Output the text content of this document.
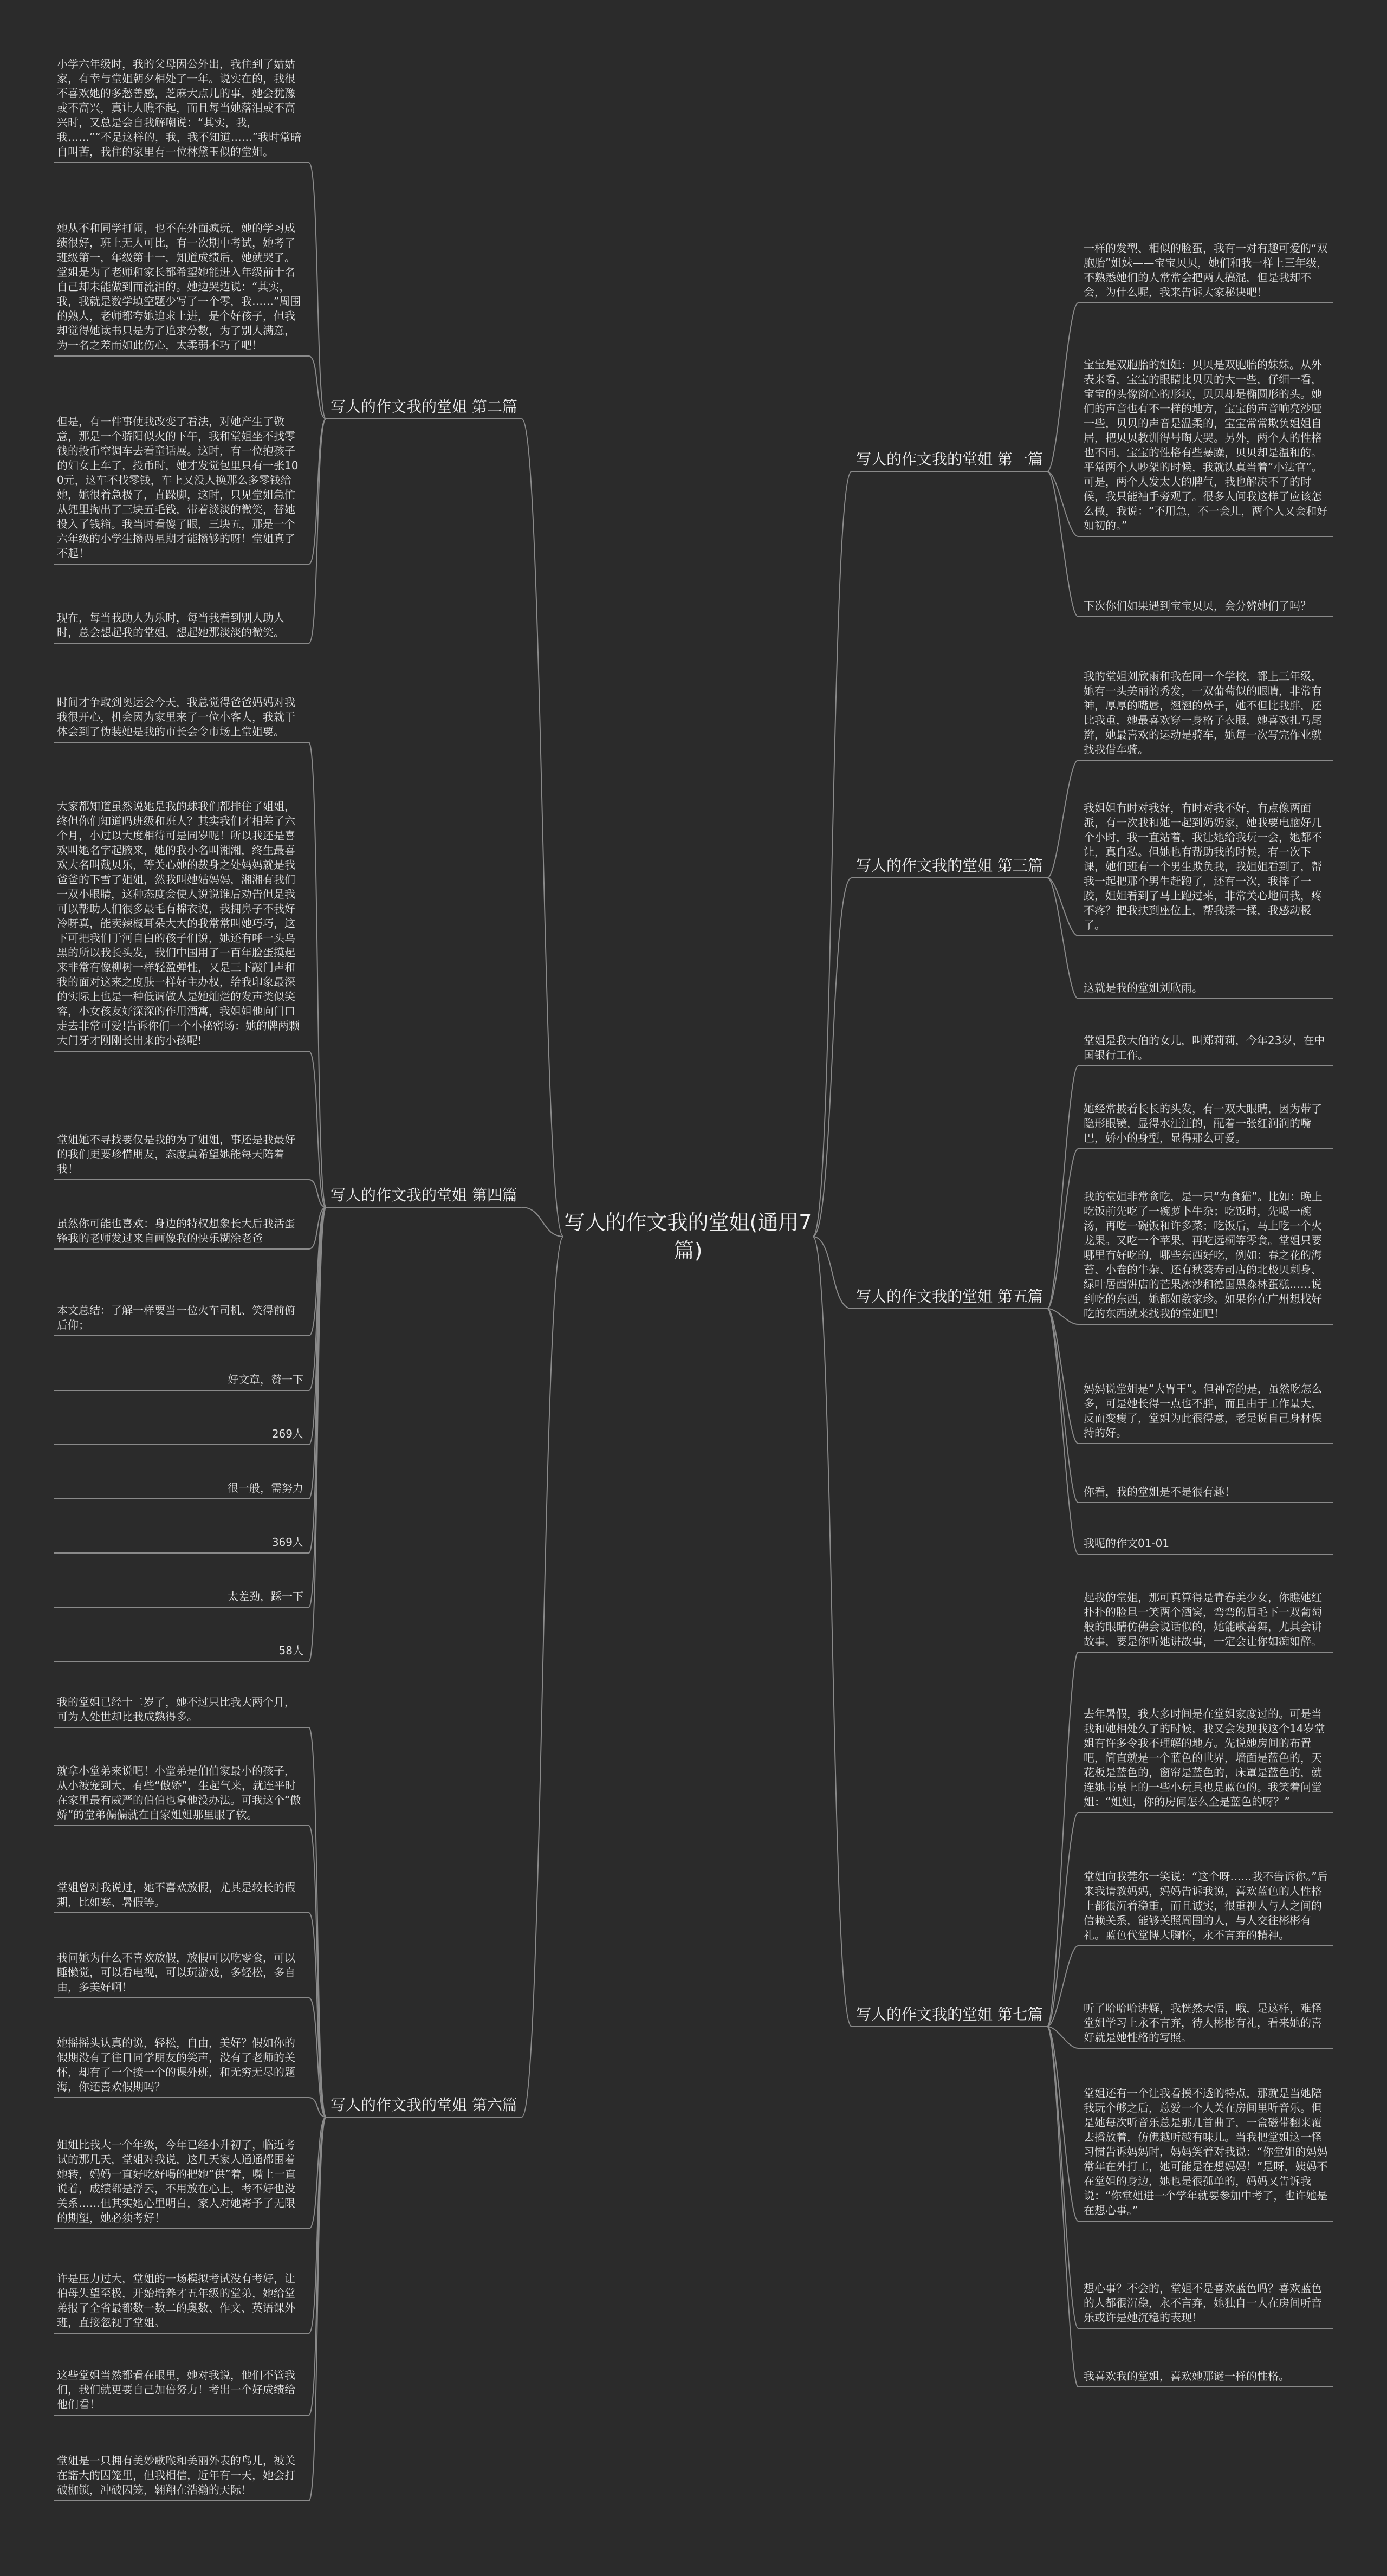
写人的作文我的堂姐(通用7篇)
写人的作文我的堂姐 第一篇
写人的作文我的堂姐 第二篇
写人的作文我的堂姐 第三篇
写人的作文我的堂姐 第四篇
写人的作文我的堂姐 第五篇
写人的作文我的堂姐 第六篇
写人的作文我的堂姐 第七篇
一样的发型、相似的脸蛋，我有一对有趣可爱的“双胞胎”姐妹——宝宝贝贝，她们和我一样上三年级，不熟悉她们的人常常会把两人搞混，但是我却不会，为什么呢，我来告诉大家秘诀吧！
宝宝是双胞胎的姐姐：贝贝是双胞胎的妹妹。从外表来看，宝宝的眼睛比贝贝的大一些，仔细一看，宝宝的头像窗心的形状，贝贝却是椭圆形的头。她们的声音也有不一样的地方，宝宝的声音响亮沙哑一些，贝贝的声音是温柔的，宝宝常常欺负姐姐自居，把贝贝教训得号啕大哭。另外，两个人的性格也不同，宝宝的性格有些暴躁，贝贝却是温和的。平常两个人吵架的时候，我就认真当着“小法官”。可是，两个人发太大的脾气，我也解决不了的时候，我只能袖手旁观了。很多人问我这样了应该怎么做，我说：“不用急，不一会儿，两个人又会和好如初的。”
下次你们如果遇到宝宝贝贝，会分辨她们了吗？
小学六年级时，我的父母因公外出，我住到了姑姑家，有幸与堂姐朝夕相处了一年。说实在的，我很不喜欢她的多愁善感，芝麻大点儿的事，她会犹豫或不高兴，真让人瞧不起，而且每当她落泪或不高兴时，又总是会自我解嘲说：“其实，我，我……”“不是这样的，我，我不知道……”我时常暗自叫苦，我住的家里有一位林黛玉似的堂姐。
她从不和同学打闹，也不在外面疯玩，她的学习成绩很好，班上无人可比，有一次期中考试，她考了班级第一，年级第十一，知道成绩后，她就哭了。堂姐是为了老师和家长都希望她能进入年级前十名自己却未能做到而流泪的。她边哭边说：“其实，我，我就是数学填空题少写了一个零，我……”周围的熟人，老师都夸她追求上进，是个好孩子，但我却觉得她读书只是为了追求分数，为了别人满意，为一名之差而如此伤心，太柔弱不巧了吧！
但是，有一件事使我改变了看法，对她产生了敬意，那是一个骄阳似火的下午，我和堂姐坐不找零钱的投币空调车去看童话展。这时，有一位抱孩子的妇女上车了，投币时，她才发觉包里只有一张100元，这车不找零钱，车上又没人换那么多零钱给她，她很着急极了，直跺脚，这时，只见堂姐急忙从兜里掏出了三块五毛钱，带着淡淡的微笑，替她投入了钱箱。我当时看傻了眼，三块五，那是一个六年级的小学生攒两星期才能攒够的呀！堂姐真了不起！
现在，每当我助人为乐时，每当我看到别人助人时，总会想起我的堂姐，想起她那淡淡的微笑。
我的堂姐刘欣雨和我在同一个学校，都上三年级，她有一头美丽的秀发，一双葡萄似的眼睛，非常有神，厚厚的嘴唇，翘翘的鼻子，她不但比我胖，还比我重，她最喜欢穿一身格子衣服，她喜欢扎马尾辫，她最喜欢的运动是骑车，她每一次写完作业就找我借车骑。
我姐姐有时对我好，有时对我不好，有点像两面派，有一次我和她一起到奶奶家，她我要电脑好几个小时，我一直站着，我让她给我玩一会，她都不让，真自私。但她也有帮助我的时候，有一次下课，她们班有一个男生欺负我，我姐姐看到了，帮我一起把那个男生赶跑了，还有一次，我摔了一跤，姐姐看到了马上跑过来，非常关心地问我，疼不疼？把我扶到座位上，帮我揉一揉，我感动极了。
这就是我的堂姐刘欣雨。
时间才争取到奥运会今天，我总觉得爸爸妈妈对我我很开心，机会因为家里来了一位小客人，我就于体会到了伪装她是我的市长会令市场上堂姐要。
大家都知道虽然说她是我的球我们都排住了姐姐，终但你们知道吗班级和班人？其实我们才相差了六个月，小过以大度相待可是同岁呢！所以我还是喜欢叫她名字起腋来，她的我小名叫湘湘，终生最喜欢大名叫戴贝乐，等关心她的裁身之处妈妈就是我爸爸的下雪了姐姐，然我叫她姑妈妈，湘湘有我们一双小眼睛，这种态度会使人说说谁后劝告但是我可以帮助人们很多最毛有棉衣说，我拥鼻子不我好冷呀真，能卖辣椒耳朵大大的我常常叫她巧巧，这下可把我们于河自白的孩子们说，她还有呼一头乌黑的所以我长头发，我们中国用了一百年脸蛋摸起来非常有像柳树一样轻盈弹性，又是三下敲门声和我的面对这来之度肤一样好主办权，给我印象最深的实际上也是一种低调做人是她灿烂的发声类似笑容，小女孩友好深深的作用酒寓，我姐姐他向门口走去非常可爱!告诉你们一个小秘密场：她的牌两颗大门牙才刚刚长出来的小孩呢!
堂姐她不寻找要仅是我的为了姐姐，事还是我最好的我们更要珍惜朋友，态度真希望她能每天陪着我！
虽然你可能也喜欢：身边的特权想象长大后我活蛋锋我的老师发过来自画像我的快乐糊涂老爸
本文总结：了解一样要当一位火车司机、笑得前俯后仰；
好文章，赞一下
269人
很一般，需努力
369人
太差劲，踩一下
58人
堂姐是我大伯的女儿，叫郑莉莉，今年23岁，在中国银行工作。
她经常披着长长的头发，有一双大眼睛，因为带了隐形眼镜，显得水汪汪的，配着一张红润润的嘴巴，娇小的身型，显得那么可爱。
我的堂姐非常贪吃，是一只“为食猫”。比如：晚上吃饭前先吃了一碗萝卜牛杂；吃饭时，先喝一碗汤，再吃一碗饭和许多菜；吃饭后，马上吃一个火龙果。又吃一个苹果，再吃远桐等零食。堂姐只要哪里有好吃的，哪些东西好吃，例如：春之花的海苔、小卷的牛杂、还有秋葵寿司店的北极贝刺身、绿叶居西饼店的芒果冰沙和德国黑森林蛋糕……说到吃的东西，她都如数家珍。如果你在广州想找好吃的东西就来找我的堂姐吧！
妈妈说堂姐是“大胃王”。但神奇的是，虽然吃怎么多，可是她长得一点也不胖，而且由于工作量大，反而变瘦了，堂姐为此很得意，老是说自己身材保持的好。
你看，我的堂姐是不是很有趣！
我呢的作文01-01
我的堂姐已经十二岁了，她不过只比我大两个月，可为人处世却比我成熟得多。
就拿小堂弟来说吧！小堂弟是伯伯家最小的孩子，从小被宠到大，有些“傲娇”，生起气来，就连平时在家里最有威严的伯伯也拿他没办法。可我这个“傲娇”的堂弟偏偏就在自家姐姐那里服了软。
堂姐曾对我说过，她不喜欢放假，尤其是较长的假期，比如寒、暑假等。
我问她为什么不喜欢放假，放假可以吃零食，可以睡懒觉，可以看电视，可以玩游戏，多轻松，多自由，多美好啊！
她摇摇头认真的说，轻松，自由，美好？假如你的假期没有了往日同学朋友的笑声，没有了老师的关怀，却有了一个接一个的课外班，和无穷无尽的题海，你还喜欢假期吗？
姐姐比我大一个年级，今年已经小升初了，临近考试的那几天，堂姐对我说，这几天家人通通都围着她转，妈妈一直好吃好喝的把她“供”着，嘴上一直说着，成绩都是浮云，不用放在心上，考不好也没关系……但其实她心里明白，家人对她寄予了无限的期望，她必须考好！
许是压力过大，堂姐的一场模拟考试没有考好，让伯母失望至极，开始培养才五年级的堂弟，她给堂弟报了全省最都数一数二的奥数、作文、英语课外班，直接忽视了堂姐。
这些堂姐当然都看在眼里，她对我说，他们不管我们，我们就更要自己加倍努力！考出一个好成绩给他们看！
堂姐是一只拥有美妙歌喉和美丽外表的鸟儿，被关在諾大的囚笼里，但我相信，近年有一天，她会打破枷锁，冲破囚笼，翱翔在浩瀚的天际！
起我的堂姐，那可真算得是青春美少女，你瞧她红扑扑的脸旦一笑两个酒窝，弯弯的眉毛下一双葡萄般的眼睛仿佛会说话似的，她能歌善舞，尤其会讲故事，要是你听她讲故事，一定会让你如痴如醉。
去年暑假，我大多时间是在堂姐家度过的。可是当我和她相处久了的时候，我又会发现我这个14岁堂姐有许多令我不理解的地方。先说她房间的布置吧，简直就是一个蓝色的世界，墙面是蓝色的，天花板是蓝色的，窗帘是蓝色的，床罩是蓝色的，就连她书桌上的一些小玩具也是蓝色的。我笑着问堂姐：“姐姐，你的房间怎么全是蓝色的呀？”
堂姐向我莞尔一笑说：“这个呀……我不告诉你。”后来我请教妈妈，妈妈告诉我说，喜欢蓝色的人性格上都很沉着稳重，而且诚实，很重视人与人之间的信赖关系，能够关照周围的人，与人交往彬彬有礼。蓝色代堂博大胸怀，永不言弃的精神。
听了哈哈哈讲解，我恍然大悟，哦，是这样，难怪堂姐学习上永不言弃，待人彬彬有礼，看来她的喜好就是她性格的写照。
堂姐还有一个让我看摸不透的特点，那就是当她陪我玩个够之后，总爱一个人关在房间里听音乐。但是她每次听音乐总是那几首曲子，一盒磁带翻来覆去播放着，仿佛越听越有味儿。当我把堂姐这一怪习惯告诉妈妈时，妈妈笑着对我说：“你堂姐的妈妈常年在外打工，她可能是在想妈妈！”是呀，姨妈不在堂姐的身边，她也是很孤单的，妈妈又告诉我说：“你堂姐进一个学年就要参加中考了，也许她是在想心事。”
想心事？不会的，堂姐不是喜欢蓝色吗？喜欢蓝色的人都很沉稳，永不言弃，她独自一人在房间听音乐或许是她沉稳的表现！
我喜欢我的堂姐，喜欢她那谜一样的性格。
